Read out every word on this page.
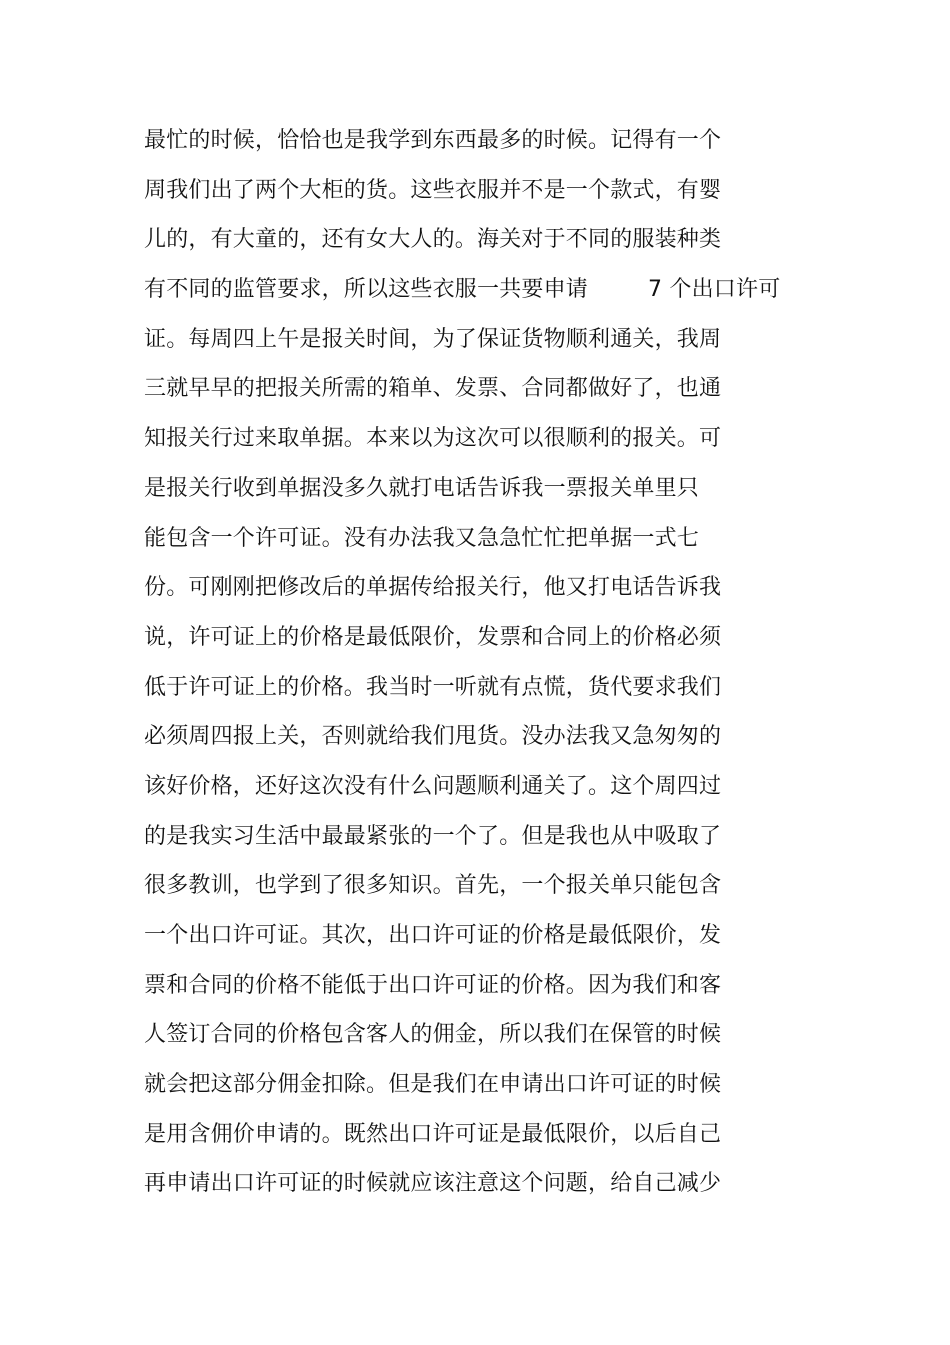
最忙的时候，恰恰也是我学到东西最多的时候。记得有一个
周我们出了两个大柜的货。这些衣服并不是一个款式，有婴
儿的，有大童的，还有女大人的。海关对于不同的服装种类
有不同的监管要求，所以这些衣服一共要申请	7 个出口许可
证。每周四上午是报关时间，为了保证货物顺利通关，我周
三就早早的把报关所需的箱单、发票、合同都做好了，也通
知报关行过来取单据。本来以为这次可以很顺利的报关。可
是报关行收到单据没多久就打电话告诉我一票报关单里只
能包含一个许可证。没有办法我又急急忙忙把单据一式七
份。可刚刚把修改后的单据传给报关行，他又打电话告诉我
说，许可证上的价格是最低限价，发票和合同上的价格必须
低于许可证上的价格。我当时一听就有点慌，货代要求我们
必须周四报上关，否则就给我们甩货。没办法我又急匆匆的
该好价格，还好这次没有什么问题顺利通关了。这个周四过
的是我实习生活中最最紧张的一个了。但是我也从中吸取了
很多教训，也学到了很多知识。首先，一个报关单只能包含
一个出口许可证。其次，出口许可证的价格是最低限价，发
票和合同的价格不能低于出口许可证的价格。因为我们和客
人签订合同的价格包含客人的佣金，所以我们在保管的时候
就会把这部分佣金扣除。但是我们在申请出口许可证的时候
是用含佣价申请的。既然出口许可证是最低限价，以后自己
再申请出口许可证的时候就应该注意这个问题，给自己减少
